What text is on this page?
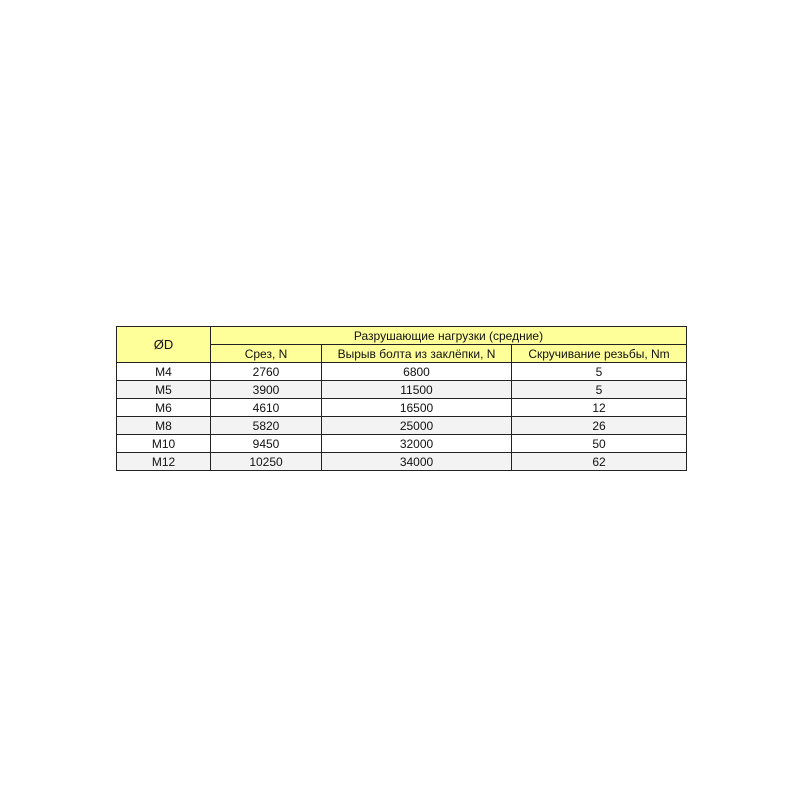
ØD	Разрушающие нагрузки (средние)		
	Срез, N	Вырыв болта из заклёпки, N	Скручивание резьбы, Nm
M4	2760	6800	5
M5	3900	11500	5
M6	4610	16500	12
M8	5820	25000	26
M10	9450	32000	50
M12	10250	34000	62
